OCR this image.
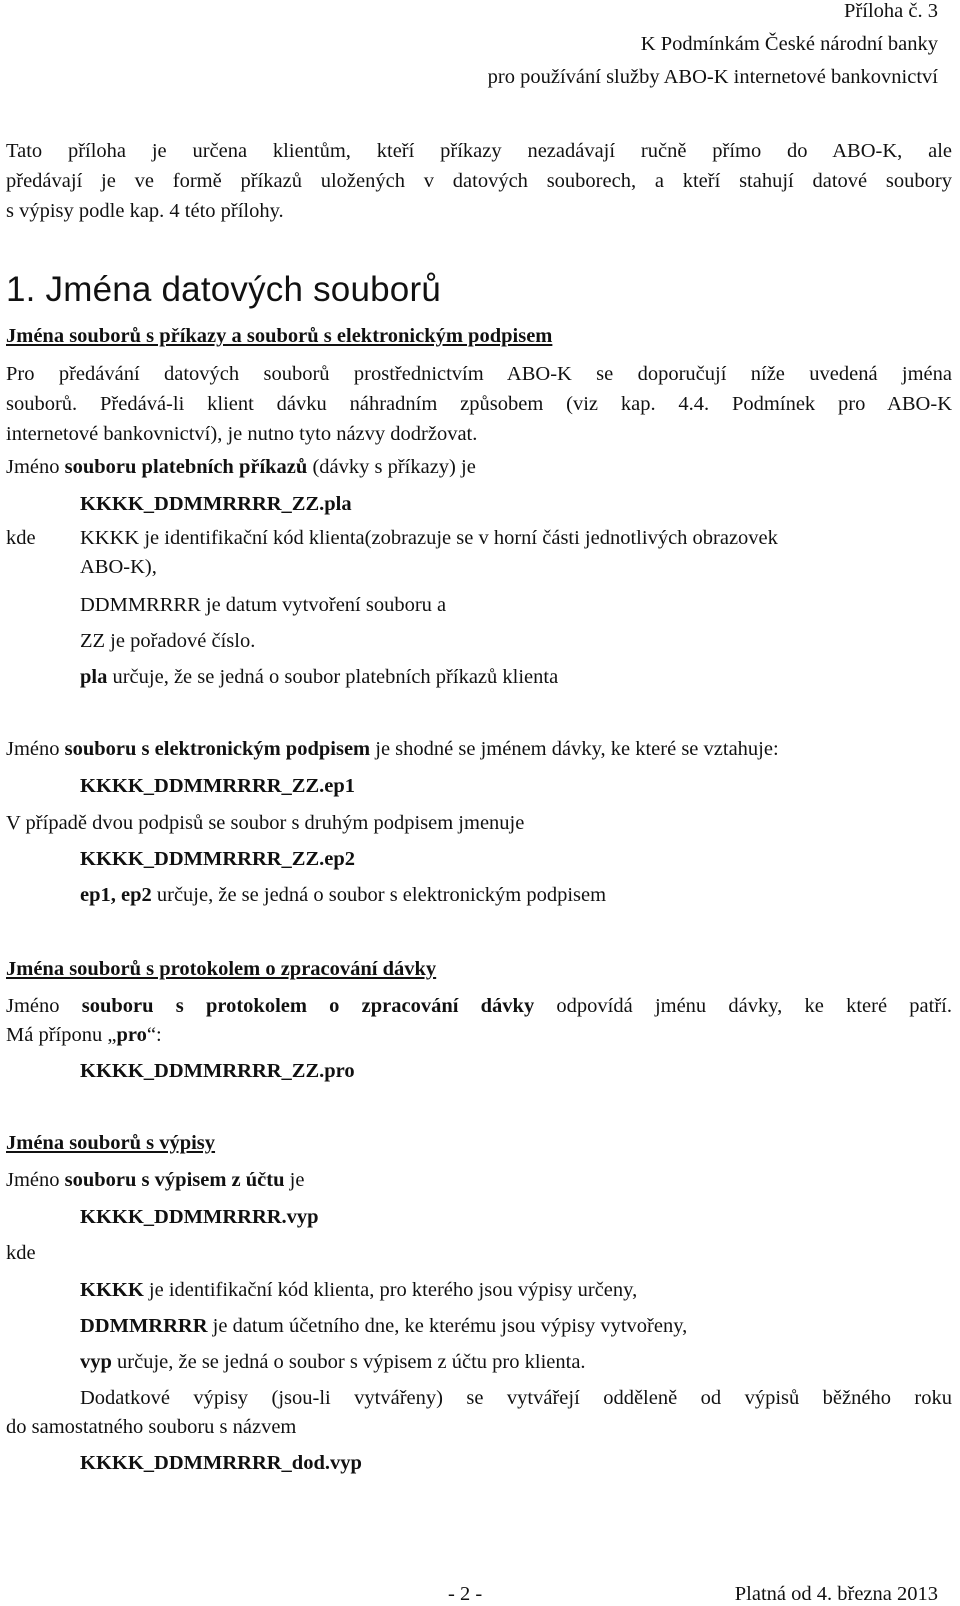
Příloha č. 3
K Podmínkám České národní banky
pro používání služby ABO-K internetové bankovnictví
Tato příloha je určena klientům, kteří příkazy nezadávají ručně přímo do ABO-K, ale
předávají je ve formě příkazů uložených v datových souborech, a kteří stahují datové soubory
s výpisy podle kap. 4 této přílohy.
1. Jména datových souborů
Jména souborů s příkazy a souborů s elektronickým podpisem
Pro předávání datových souborů prostřednictvím ABO-K se doporučují níže uvedená jména
souborů. Předává-li klient dávku náhradním způsobem (viz kap. 4.4. Podmínek pro ABO-K
internetové bankovnictví), je nutno tyto názvy dodržovat.
Jméno souboru platebních příkazů (dávky s příkazy) je
KKKK_DDMMRRRR_ZZ.pla
kde KKKK je identifikační kód klienta(zobrazuje se v horní části jednotlivých obrazovek
ABO-K),
DDMMRRRR je datum vytvoření souboru a
ZZ je pořadové číslo.
pla určuje, že se jedná o soubor platebních příkazů klienta
Jméno souboru s elektronickým podpisem je shodné se jménem dávky, ke které se vztahuje:
KKKK_DDMMRRRR_ZZ.ep1
V případě dvou podpisů se soubor s druhým podpisem jmenuje
KKKK_DDMMRRRR_ZZ.ep2
ep1, ep2 určuje, že se jedná o soubor s elektronickým podpisem
Jména souborů s protokolem o zpracování dávky
Jméno souboru s protokolem o zpracování dávky odpovídá jménu dávky, ke které patří.
Má příponu „pro“:
KKKK_DDMMRRRR_ZZ.pro
Jména souborů s výpisy
Jméno souboru s výpisem z účtu je
KKKK_DDMMRRRR.vyp
kde
KKKK je identifikační kód klienta, pro kterého jsou výpisy určeny,
DDMMRRRR je datum účetního dne, ke kterému jsou výpisy vytvořeny,
vyp určuje, že se jedná o soubor s výpisem z účtu pro klienta.
Dodatkové výpisy (jsou-li vytvářeny) se vytvářejí odděleně od výpisů běžného roku
do samostatného souboru s názvem
KKKK_DDMMRRRR_dod.vyp
- 2 -	Platná od 4. března 2013
